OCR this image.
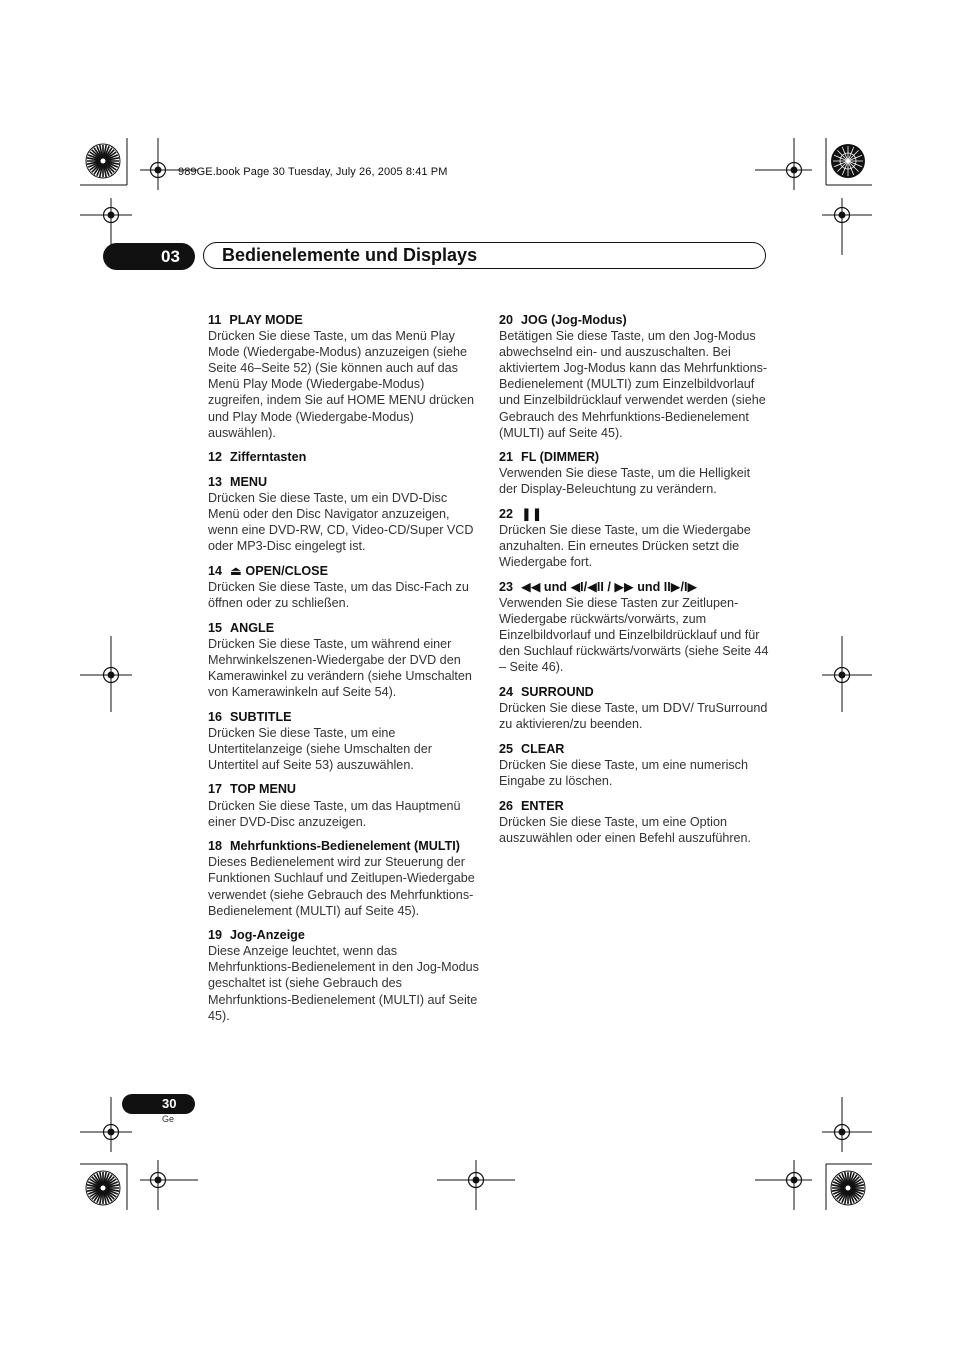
989GE.book Page 30 Tuesday, July 26, 2005 8:41 PM
03 Bedienelemente und Displays
11 PLAY MODE
Drücken Sie diese Taste, um das Menü Play Mode (Wiedergabe-Modus) anzuzeigen (siehe Seite 46–Seite 52) (Sie können auch auf das Menü Play Mode (Wiedergabe-Modus) zugreifen, indem Sie auf HOME MENU drücken und Play Mode (Wiedergabe-Modus) auswählen).
12 Zifferntasten
13 MENU
Drücken Sie diese Taste, um ein DVD-Disc Menü oder den Disc Navigator anzuzeigen, wenn eine DVD-RW, CD, Video-CD/Super VCD oder MP3-Disc eingelegt ist.
14 ⏏ OPEN/CLOSE
Drücken Sie diese Taste, um das Disc-Fach zu öffnen oder zu schließen.
15 ANGLE
Drücken Sie diese Taste, um während einer Mehrwinkelszenen-Wiedergabe der DVD den Kamerawinkel zu verändern (siehe Umschalten von Kamerawinkeln auf Seite 54).
16 SUBTITLE
Drücken Sie diese Taste, um eine Untertitelanzeige (siehe Umschalten der Untertitel auf Seite 53) auszuwählen.
17 TOP MENU
Drücken Sie diese Taste, um das Hauptmenü einer DVD-Disc anzuzeigen.
18 Mehrfunktions-Bedienelement (MULTI)
Dieses Bedienelement wird zur Steuerung der Funktionen Suchlauf und Zeitlupen-Wiedergabe verwendet (siehe Gebrauch des Mehrfunktions-Bedienelement (MULTI) auf Seite 45).
19 Jog-Anzeige
Diese Anzeige leuchtet, wenn das Mehrfunktions-Bedienelement in den Jog-Modus geschaltet ist (siehe Gebrauch des Mehrfunktions-Bedienelement (MULTI) auf Seite 45).
20 JOG (Jog-Modus)
Betätigen Sie diese Taste, um den Jog-Modus abwechselnd ein- und auszuschalten. Bei aktiviertem Jog-Modus kann das Mehrfunktions-Bedienelement (MULTI) zum Einzelbildvorlauf und Einzelbildrücklauf verwendet werden (siehe Gebrauch des Mehrfunktions-Bedienelement (MULTI) auf Seite 45).
21 FL (DIMMER)
Verwenden Sie diese Taste, um die Helligkeit der Display-Beleuchtung zu verändern.
22 ❚❚
Drücken Sie diese Taste, um die Wiedergabe anzuhalten. Ein erneutes Drücken setzt die Wiedergabe fort.
23 ◀◀ und ◀I/◀II / ▶▶ und II▶/I▶
Verwenden Sie diese Tasten zur Zeitlupen-Wiedergabe rückwärts/vorwärts, zum Einzelbildvorlauf und Einzelbildrücklauf und für den Suchlauf rückwärts/vorwärts (siehe Seite 44 – Seite 46).
24 SURROUND
Drücken Sie diese Taste, um ⅮⅮV/ TruSurround zu aktivieren/zu beenden.
25 CLEAR
Drücken Sie diese Taste, um eine numerisch Eingabe zu löschen.
26 ENTER
Drücken Sie diese Taste, um eine Option auszuwählen oder einen Befehl auszuführen.
30
Ge
